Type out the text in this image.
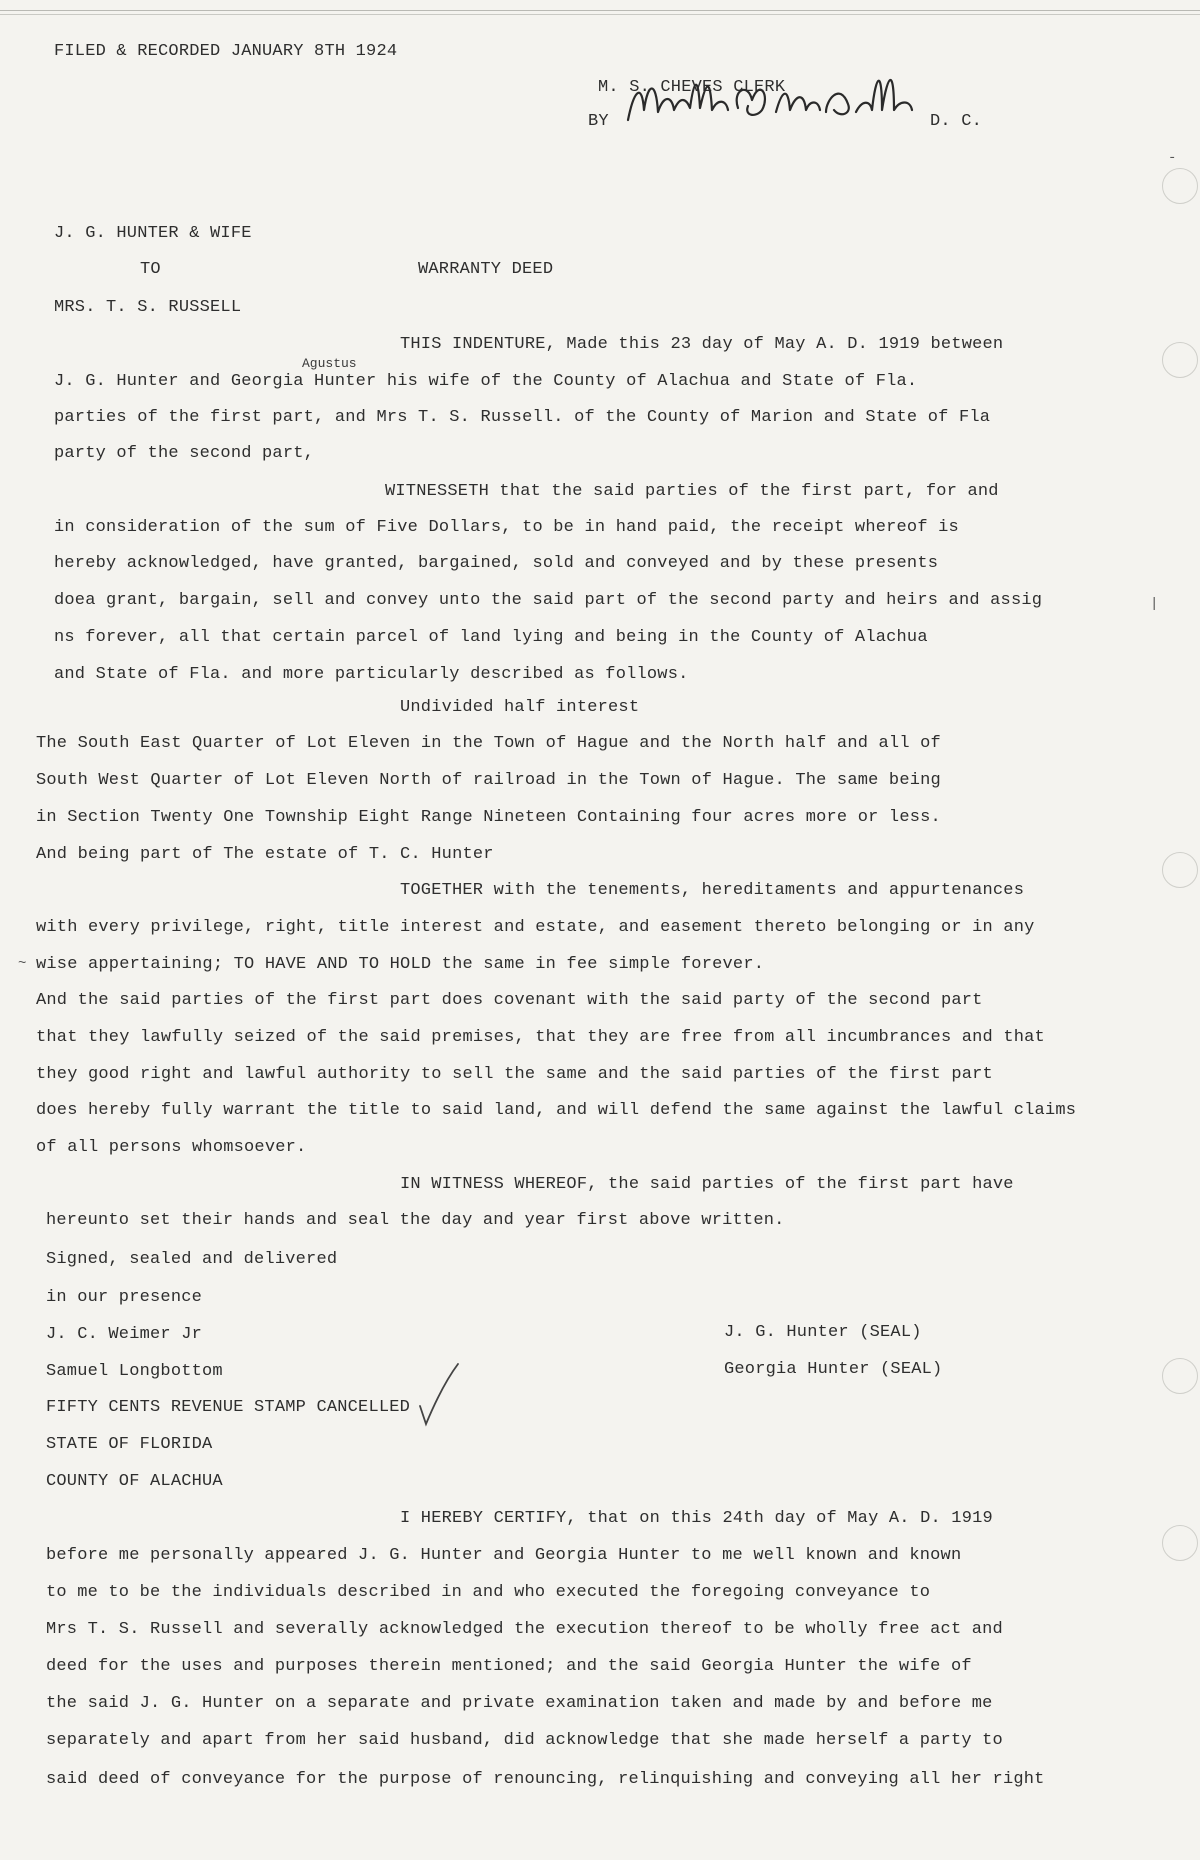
FILED & RECORDED JANUARY 8TH 1924
M. S. CHEVES CLERK
BY	D. C.
J. G. HUNTER & WIFE
TO	WARRANTY DEED
MRS. T. S. RUSSELL
Agustus
THIS INDENTURE, Made this 23 day of May A. D. 1919 between
J. G. Hunter and Georgia Hunter his wife of the County of Alachua and State of Fla.
parties of the first part, and Mrs T. S. Russell. of the County of Marion and State of Fla
party of the second part,
WITNESSETH that the said parties of the first part, for and
in consideration of the sum of Five Dollars, to be in hand paid, the receipt whereof is
hereby acknowledged, have granted, bargained, sold and conveyed and by these presents
doea grant, bargain, sell and convey unto the said part of the second party and heirs and assig
ns forever, all that certain parcel of land lying and being in the County of Alachua
and State of Fla. and more particularly described as follows.
Undivided half interest
The South East Quarter of Lot Eleven in the Town of Hague and the North half and all of
South West Quarter of Lot Eleven North of railroad in the Town of Hague. The same being
in Section Twenty One Township Eight Range Nineteen Containing four acres more or less.
And being part of The estate of T. C. Hunter
TOGETHER with the tenements, hereditaments and appurtenances
with every privilege, right, title interest and estate, and easement thereto belonging or in any
~ wise appertaining; TO HAVE AND TO HOLD the same in fee simple forever.
And the said parties of the first part does covenant with the said party of the second part
that they lawfully seized of the said premises, that they are free from all incumbrances and that
they good right and lawful authority to sell the same and the said parties of the first part
does hereby fully warrant the title to said land, and will defend the same against the lawful claims
of all persons whomsoever.
IN WITNESS WHEREOF, the said parties of the first part have
hereunto set their hands and seal the day and year first above written.
Signed, sealed and delivered
in our presence
J. C. Weimer Jr
Samuel Longbottom
FIFTY CENTS REVENUE STAMP CANCELLED
STATE OF FLORIDA
COUNTY OF ALACHUA
I HEREBY CERTIFY, that on this 24th day of May A. D. 1919
before me personally appeared J. G. Hunter and Georgia Hunter to me well known and known
to me to be the individuals described in and who executed the foregoing conveyance to
Mrs T. S. Russell and severally acknowledged the execution thereof to be wholly free act and
deed for the uses and purposes therein mentioned; and the said Georgia Hunter the wife of
the said J. G. Hunter on a separate and private examination taken and made by and before me
separately and apart from her said husband, did acknowledge that she made herself a party to
said deed of conveyance for the purpose of renouncing, relinquishing and conveying all her right
J. G. Hunter (SEAL)
Georgia Hunter (SEAL)
|
-
